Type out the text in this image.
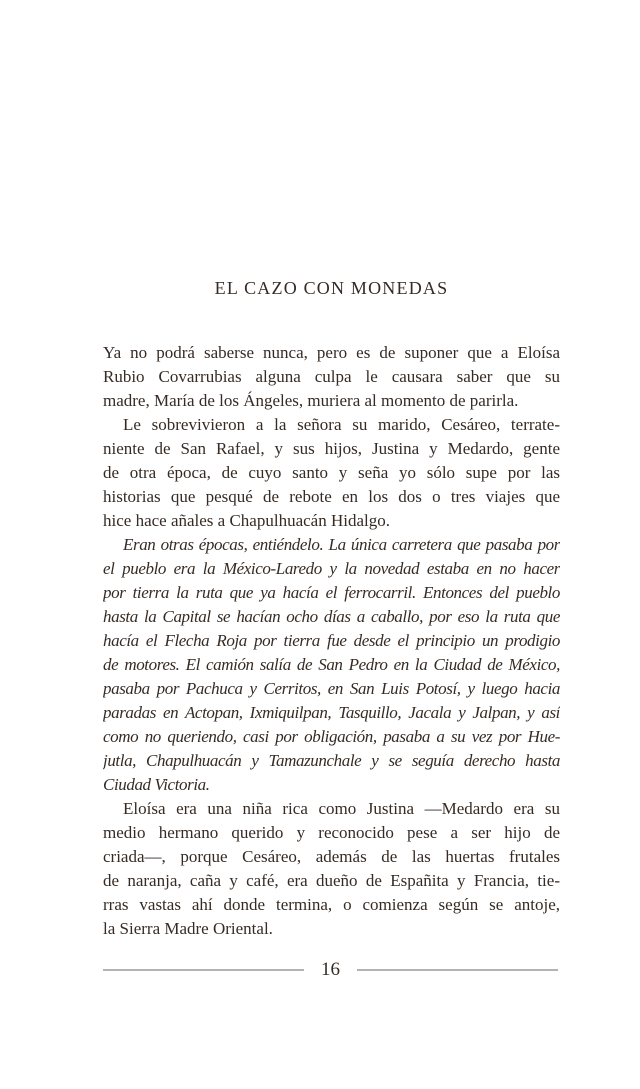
EL CAZO CON MONEDAS
Ya no podrá saberse nunca, pero es de suponer que a Eloísa
Rubio Covarrubias alguna culpa le causara saber que su
madre, María de los Ángeles, muriera al momento de parirla.
Le sobrevivieron a la señora su marido, Cesáreo, terrate-
niente de San Rafael, y sus hijos, Justina y Medardo, gente
de otra época, de cuyo santo y seña yo sólo supe por las
historias que pesqué de rebote en los dos o tres viajes que
hice hace añales a Chapulhuacán Hidalgo.
Eran otras épocas, entiéndelo. La única carretera que pasaba por
el pueblo era la México-Laredo y la novedad estaba en no hacer
por tierra la ruta que ya hacía el ferrocarril. Entonces del pueblo
hasta la Capital se hacían ocho días a caballo, por eso la ruta que
hacía el Flecha Roja por tierra fue desde el principio un prodigio
de motores. El camión salía de San Pedro en la Ciudad de México,
pasaba por Pachuca y Cerritos, en San Luis Potosí, y luego hacia
paradas en Actopan, Ixmiquilpan, Tasquillo, Jacala y Jalpan, y así
como no queriendo, casi por obligación, pasaba a su vez por Hue-
jutla, Chapulhuacán y Tamazunchale y se seguía derecho hasta
Ciudad Victoria.
Eloísa era una niña rica como Justina —Medardo era su
medio hermano querido y reconocido pese a ser hijo de
criada—, porque Cesáreo, además de las huertas frutales
de naranja, caña y café, era dueño de Españita y Francia, tie-
rras vastas ahí donde termina, o comienza según se antoje,
la Sierra Madre Oriental.
16
